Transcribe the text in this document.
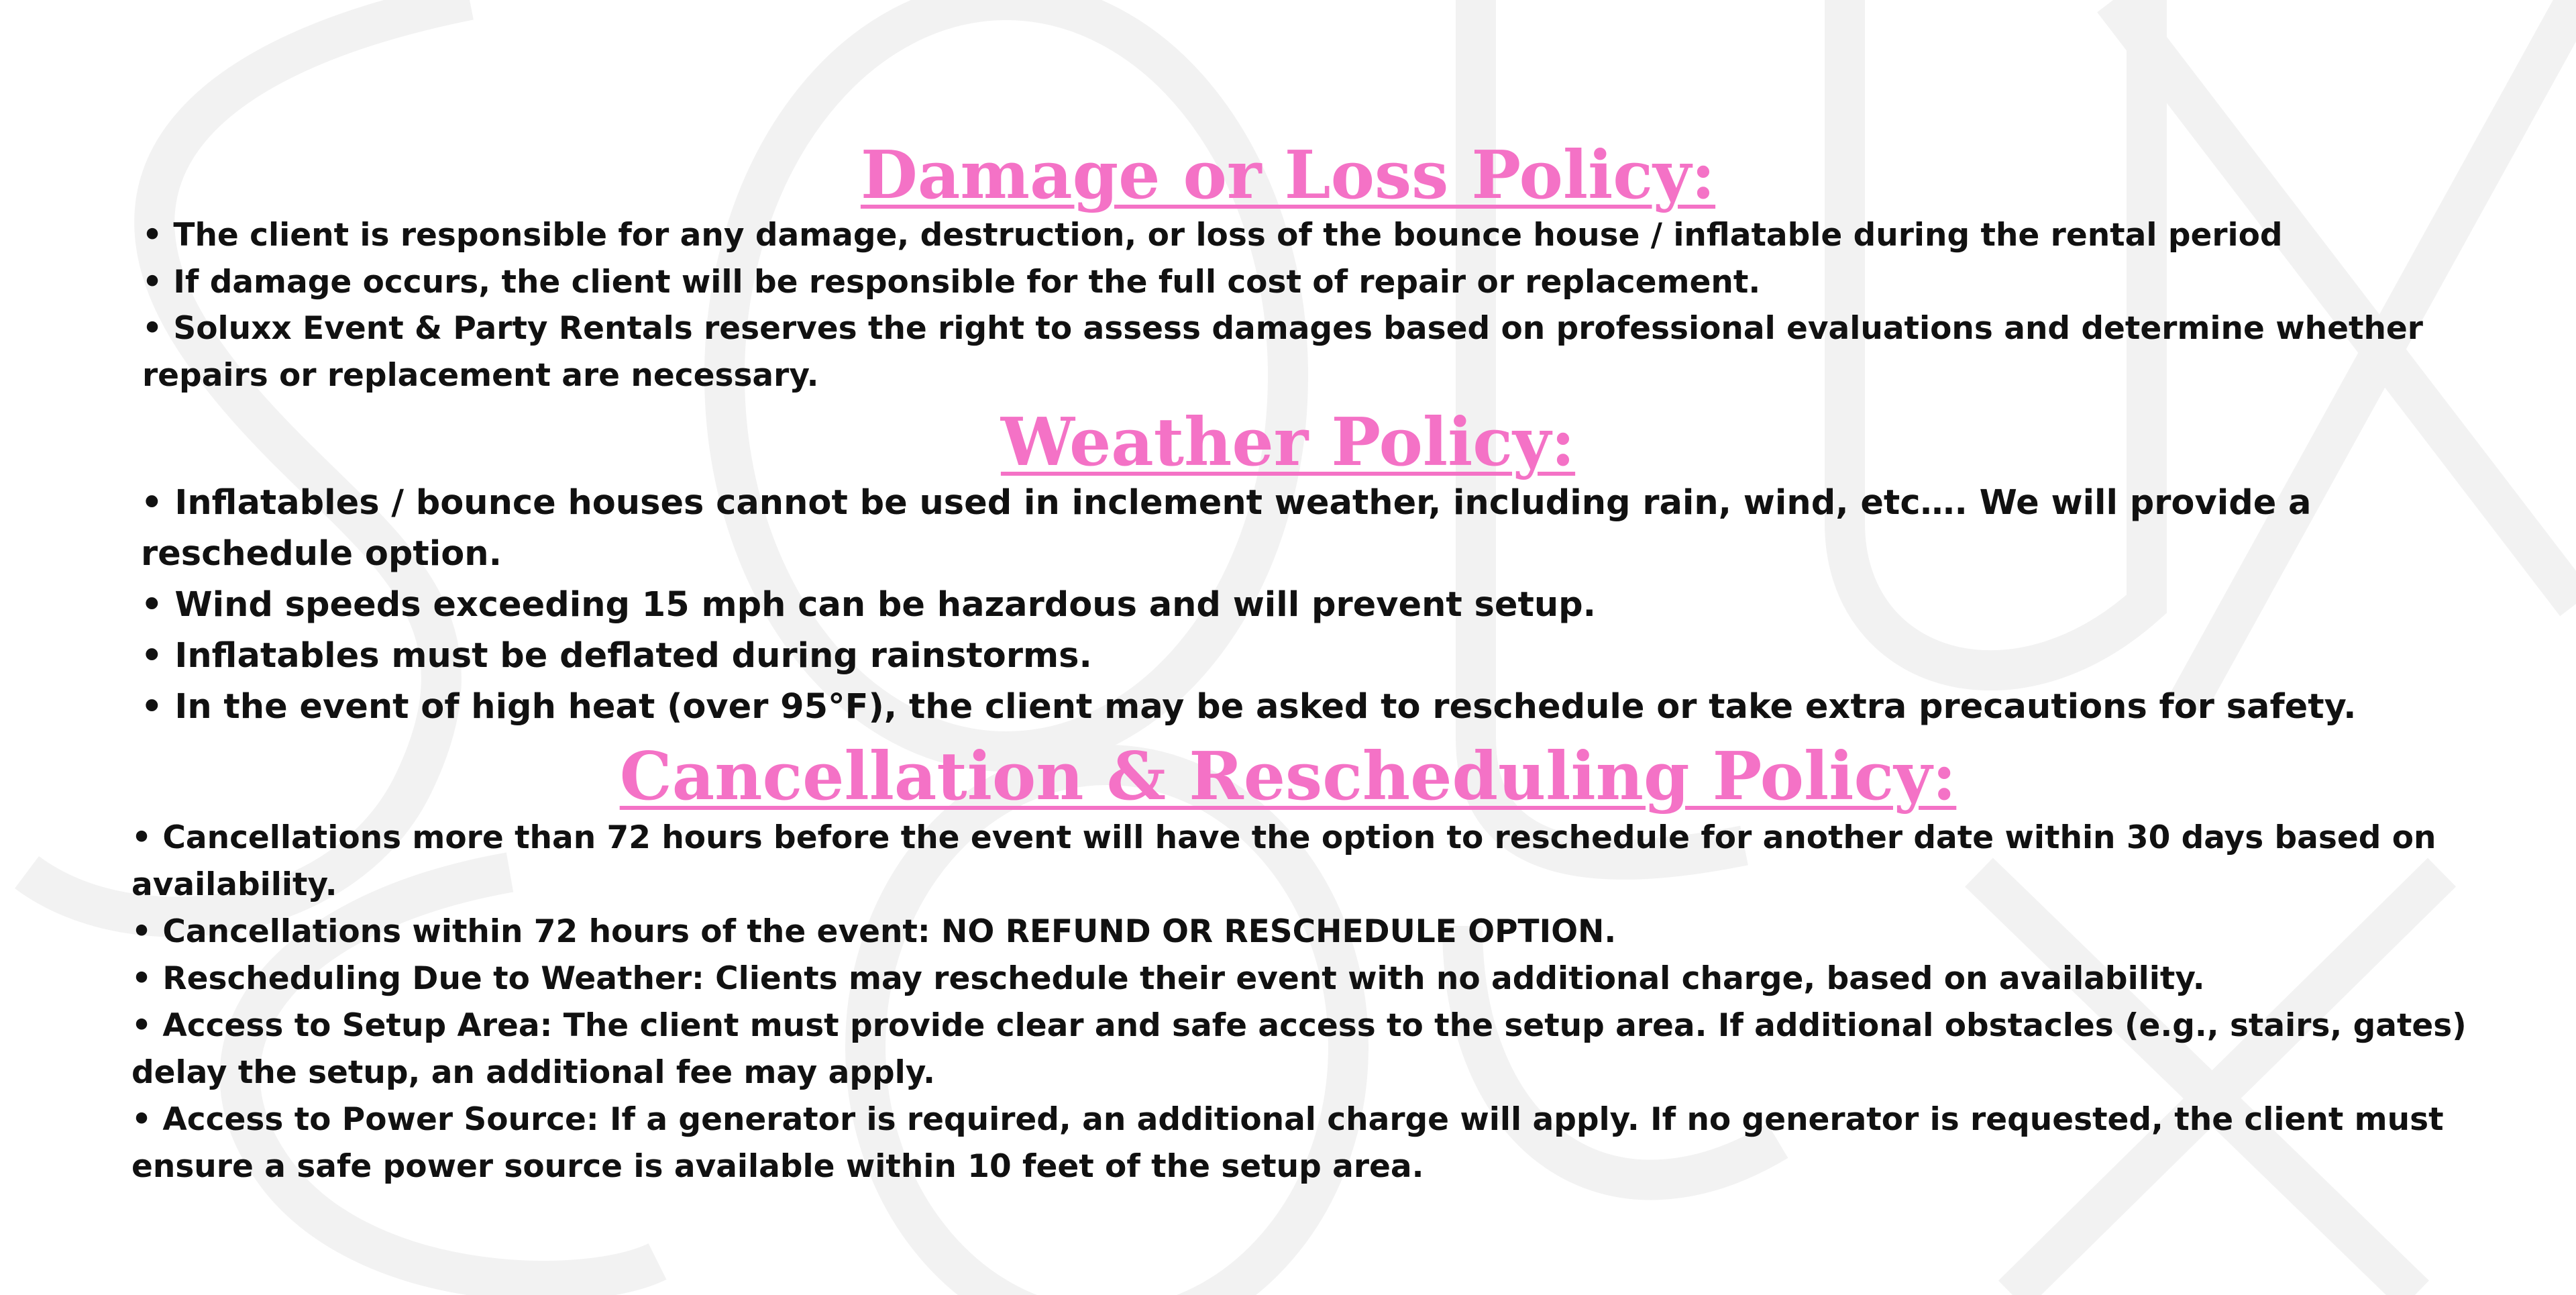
Damage or Loss Policy:
• The client is responsible for any damage, destruction, or loss of the bounce house / inflatable during the rental period
• If damage occurs, the client will be responsible for the full cost of repair or replacement.
• Soluxx Event & Party Rentals reserves the right to assess damages based on professional evaluations and determine whether repairs or replacement are necessary.
Weather Policy:
• Inflatables / bounce houses cannot be used in inclement weather, including rain, wind, etc…. We will provide a reschedule option.
• Wind speeds exceeding 15 mph can be hazardous and will prevent setup.
• Inflatables must be deflated during rainstorms.
• In the event of high heat (over 95°F), the client may be asked to reschedule or take extra precautions for safety.
Cancellation & Rescheduling Policy:
• Cancellations more than 72 hours before the event will have the option to reschedule for another date within 30 days based on availability.
• Cancellations within 72 hours of the event: NO REFUND OR RESCHEDULE OPTION.
• Rescheduling Due to Weather: Clients may reschedule their event with no additional charge, based on availability.
• Access to Setup Area: The client must provide clear and safe access to the setup area. If additional obstacles (e.g., stairs, gates) delay the setup, an additional fee may apply.
• Access to Power Source: If a generator is required, an additional charge will apply. If no generator is requested, the client must ensure a safe power source is available within 10 feet of the setup area.
